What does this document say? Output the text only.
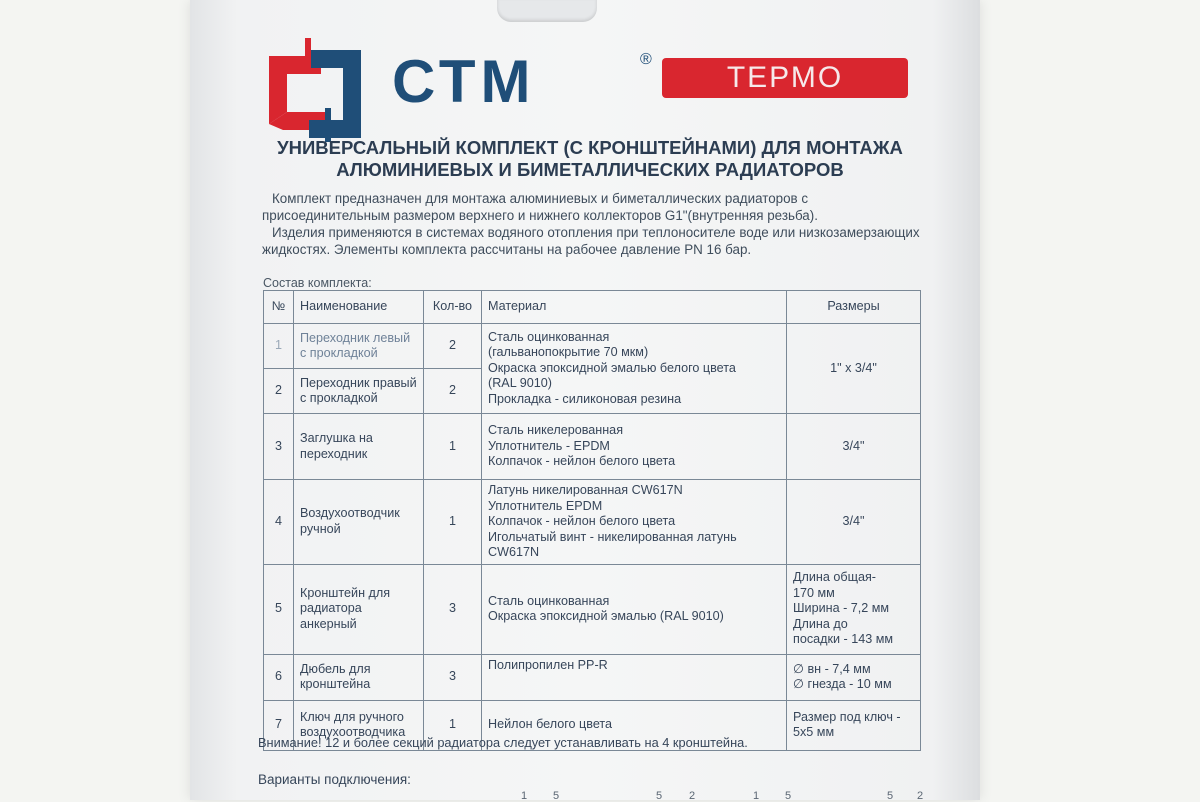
СТМ	®
ТЕРМО
УНИВЕРСАЛЬНЫЙ КОМПЛЕКТ (С КРОНШТЕЙНАМИ) ДЛЯ МОНТАЖА
АЛЮМИНИЕВЫХ И БИМЕТАЛЛИЧЕСКИХ РАДИАТОРОВ

Комплект предназначен для монтажа алюминиевых и биметаллических радиаторов с присоединительным размером верхнего и нижнего коллекторов G1"(внутренняя резьба).

Изделия применяются в системах водяного отопления при теплоносителе воде или низкозамерзающих жидкостях. Элементы комплекта рассчитаны на рабочее давление PN 16 бар.

Состав комплекта:
№	Наименование	Кол-во	Материал	Размеры
1	Переходник левый с прокладкой	2	Сталь оцинкованная
(гальванопокрытие 70 мкм)
Окраска эпоксидной эмалью белого цвета
(RAL 9010)
Прокладка - силиконовая резина	1" x 3/4"

2	Переходник правый с прокладкой	2		
3	Заглушка на переходник	1	Сталь никелерованная
Уплотнитель - EPDM
Колпачок - нейлон белого цвета	3/4"

4	Воздухоотводчик ручной	1	Латунь никелированная CW617N
Уплотнитель EPDM
Колпачок - нейлон белого цвета
Игольчатый винт - никелированная латунь CW617N	3/4"

5	Кронштейн для радиатора анкерный	3	Сталь оцинкованная
Окраска эпоксидной эмалью (RAL 9010)	Длина общая-
170 мм
Ширина - 7,2 мм
Длина до
посадки - 143 мм

6	Дюбель для кронштейна	3	Полипропилен PP-R	∅ вн - 7,4 мм
∅ гнезда - 10 мм

7	Ключ для ручного воздухоотводчика	1	Нейлон белого цвета	Размер под ключ -
5x5 мм
Внимание! 12 и более секций радиатора следует устанавливать на 4 кронштейна.
Варианты подключения:
1 5	5 2	1 5	5 2
